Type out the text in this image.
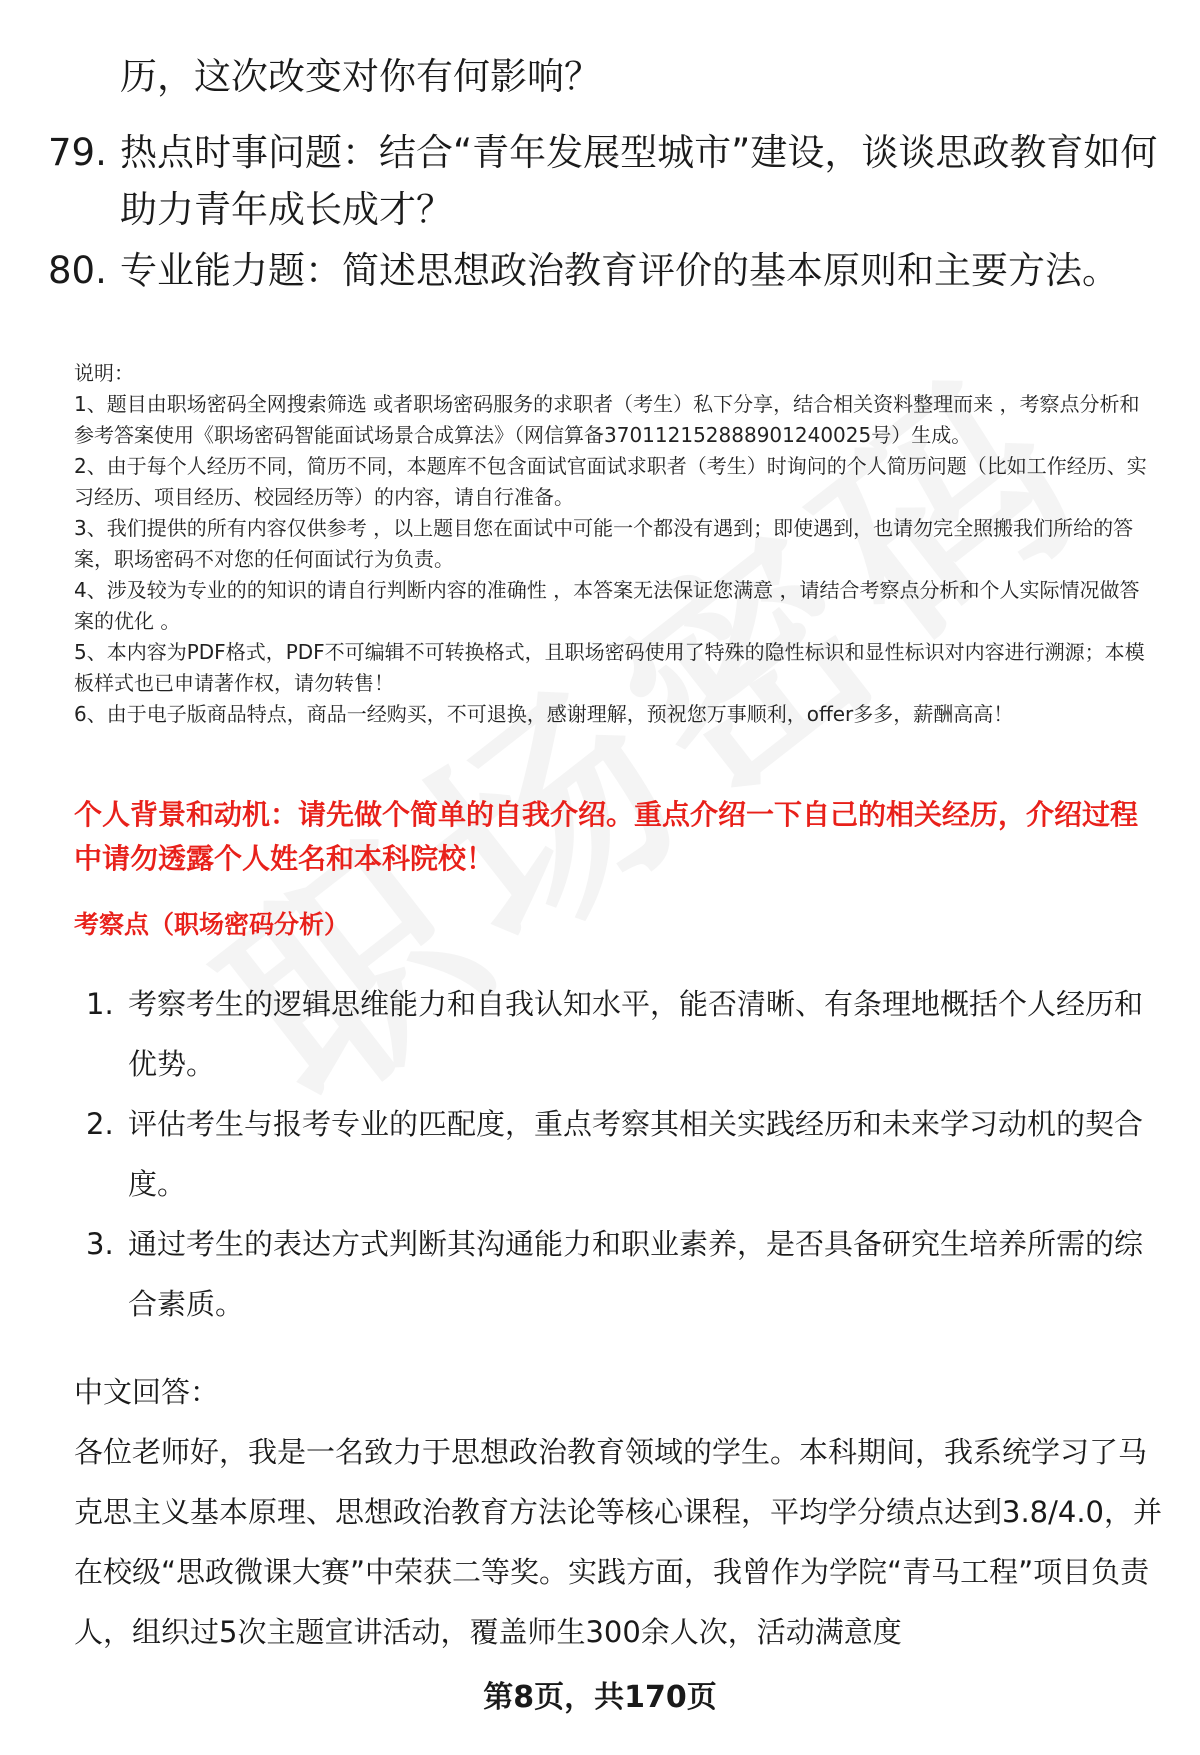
历，这次改变对你有何影响？
79. 热点时事问题：结合“青年发展型城市”建设，谈谈思政教育如何助力青年成长成才？
80. 专业能力题：简述思想政治教育评价的基本原则和主要方法。

说明：

1、题目由职场密码全网搜索筛选 或者职场密码服务的求职者（考生）私下分享，结合相关资料整理而来 ，考察点分析和参考答案使用《职场密码智能面试场景合成算法》（网信算备370112152888901240025号）生成。

2、由于每个人经历不同，简历不同，本题库不包含面试官面试求职者（考生）时询问的个人简历问题（比如工作经历、实习经历、项目经历、校园经历等）的内容，请自行准备。

3、我们提供的所有内容仅供参考 ，以上题目您在面试中可能一个都没有遇到；即使遇到，也请勿完全照搬我们所给的答案，职场密码不对您的任何面试行为负责。

4、涉及较为专业的的知识的请自行判断内容的准确性 ，本答案无法保证您满意 ，请结合考察点分析和个人实际情况做答案的优化 。

5、本内容为PDF格式，PDF不可编辑不可转换格式，且职场密码使用了特殊的隐性标识和显性标识对内容进行溯源；本模板样式也已申请著作权，请勿转售！

6、由于电子版商品特点，商品一经购买，不可退换，感谢理解，预祝您万事顺利，offer多多，薪酬高高！

个人背景和动机：请先做个简单的自我介绍。重点介绍一下自己的相关经历，介绍过程中请勿透露个人姓名和本科院校！
考察点（职场密码分析）
1. 考察考生的逻辑思维能力和自我认知水平，能否清晰、有条理地概括个人经历和优势。
2. 评估考生与报考专业的匹配度，重点考察其相关实践经历和未来学习动机的契合度。
3. 通过考生的表达方式判断其沟通能力和职业素养，是否具备研究生培养所需的综合素质。
中文回答：
各位老师好，我是一名致力于思想政治教育领域的学生。本科期间，我系统学习了马克思主义基本原理、思想政治教育方法论等核心课程，平均学分绩点达到3.8/4.0，并在校级“思政微课大赛”中荣获二等奖。实践方面，我曾作为学院“青马工程”项目负责人，组织过5次主题宣讲活动，覆盖师生300余人次，活动满意度
第8页，共170页
